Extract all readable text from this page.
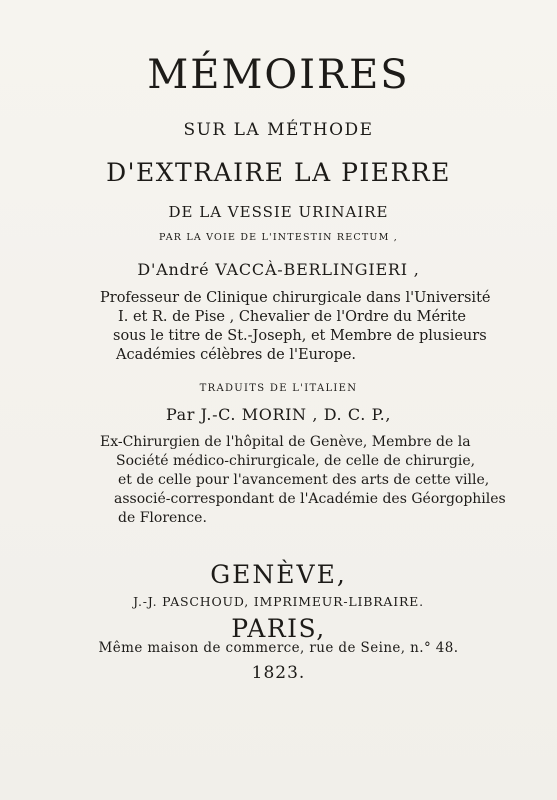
MÉMOIRES
SUR LA MÉTHODE
D'EXTRAIRE LA PIERRE
DE LA VESSIE URINAIRE
PAR LA VOIE DE L'INTESTIN RECTUM ,
D'André VACCÀ-BERLINGIERI ,
Professeur de Clinique chirurgicale dans l'Université
I. et R. de Pise , Chevalier de l'Ordre du Mérite
sous le titre de St.-Joseph, et Membre de plusieurs
Académies célèbres de l'Europe.
TRADUITS DE L'ITALIEN
Par J.-C. MORIN , D. C. P.,
Ex-Chirurgien de l'hôpital de Genève, Membre de la
Société médico-chirurgicale, de celle de chirurgie,
et de celle pour l'avancement des arts de cette ville,
associé-correspondant de l'Académie des Géorgophiles
de Florence.
GENÈVE,
J.-J. PASCHOUD, IMPRIMEUR-LIBRAIRE.
PARIS,
Même maison de commerce, rue de Seine, n.° 48.
1823.
